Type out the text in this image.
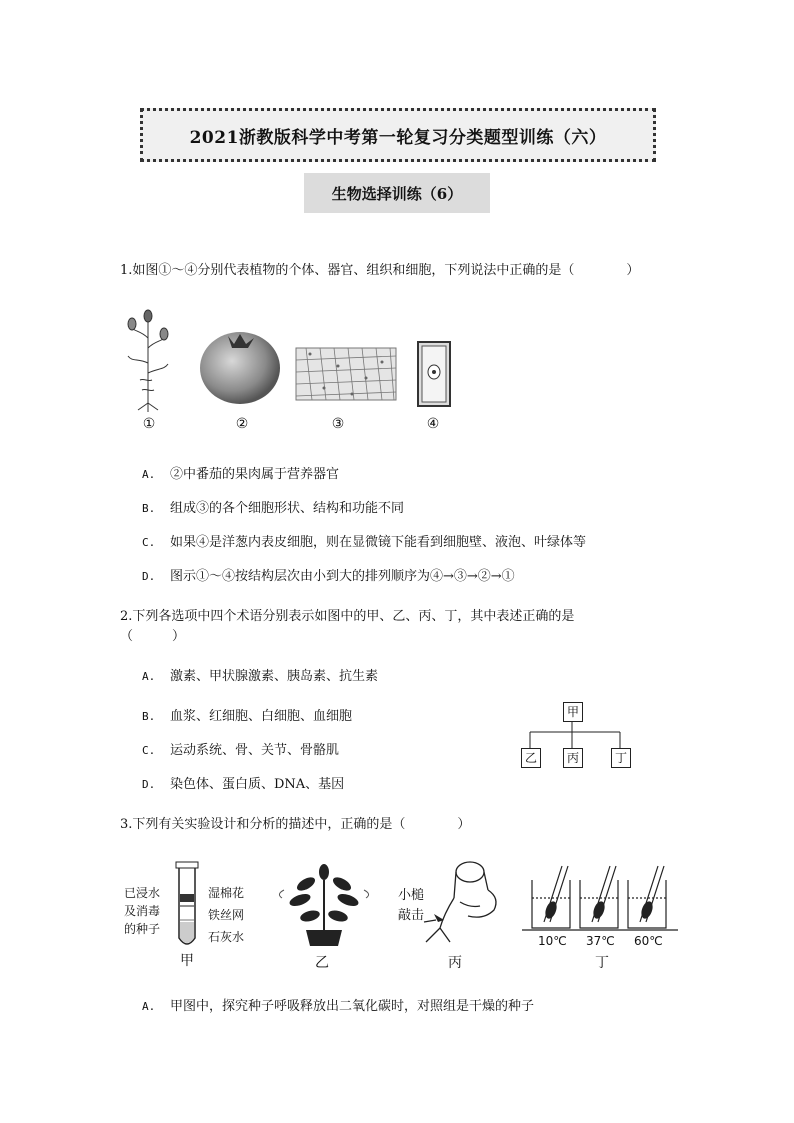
2021浙教版科学中考第一轮复习分类题型训练（六）
生物选择训练（6）
1.如图①～④分别代表植物的个体、器官、组织和细胞，下列说法中正确的是（　　　　）
①	②	③	④
A. ②中番茄的果肉属于营养器官
B. 组成③的各个细胞形状、结构和功能不同
C. 如果④是洋葱内表皮细胞，则在显微镜下能看到细胞壁、液泡、叶绿体等
D. 图示①～④按结构层次由小到大的排列顺序为④→③→②→①
2.下列各选项中四个术语分别表示如图中的甲、乙、丙、丁，其中表述正确的是
（　　　）
A. 激素、甲状腺激素、胰岛素、抗生素
B. 血浆、红细胞、白细胞、血细胞
C. 运动系统、骨、关节、骨骼肌
D. 染色体、蛋白质、DNA、基因
甲
乙	丙	丁
3.下列有关实验设计和分析的描述中，正确的是（　　　　）
已浸水
及消毒
的种子
湿棉花
铁丝网
石灰水
甲	乙
小槌
敲击
丙
10℃ 37℃ 60℃
丁
A. 甲图中，探究种子呼吸释放出二氧化碳时，对照组是干燥的种子
